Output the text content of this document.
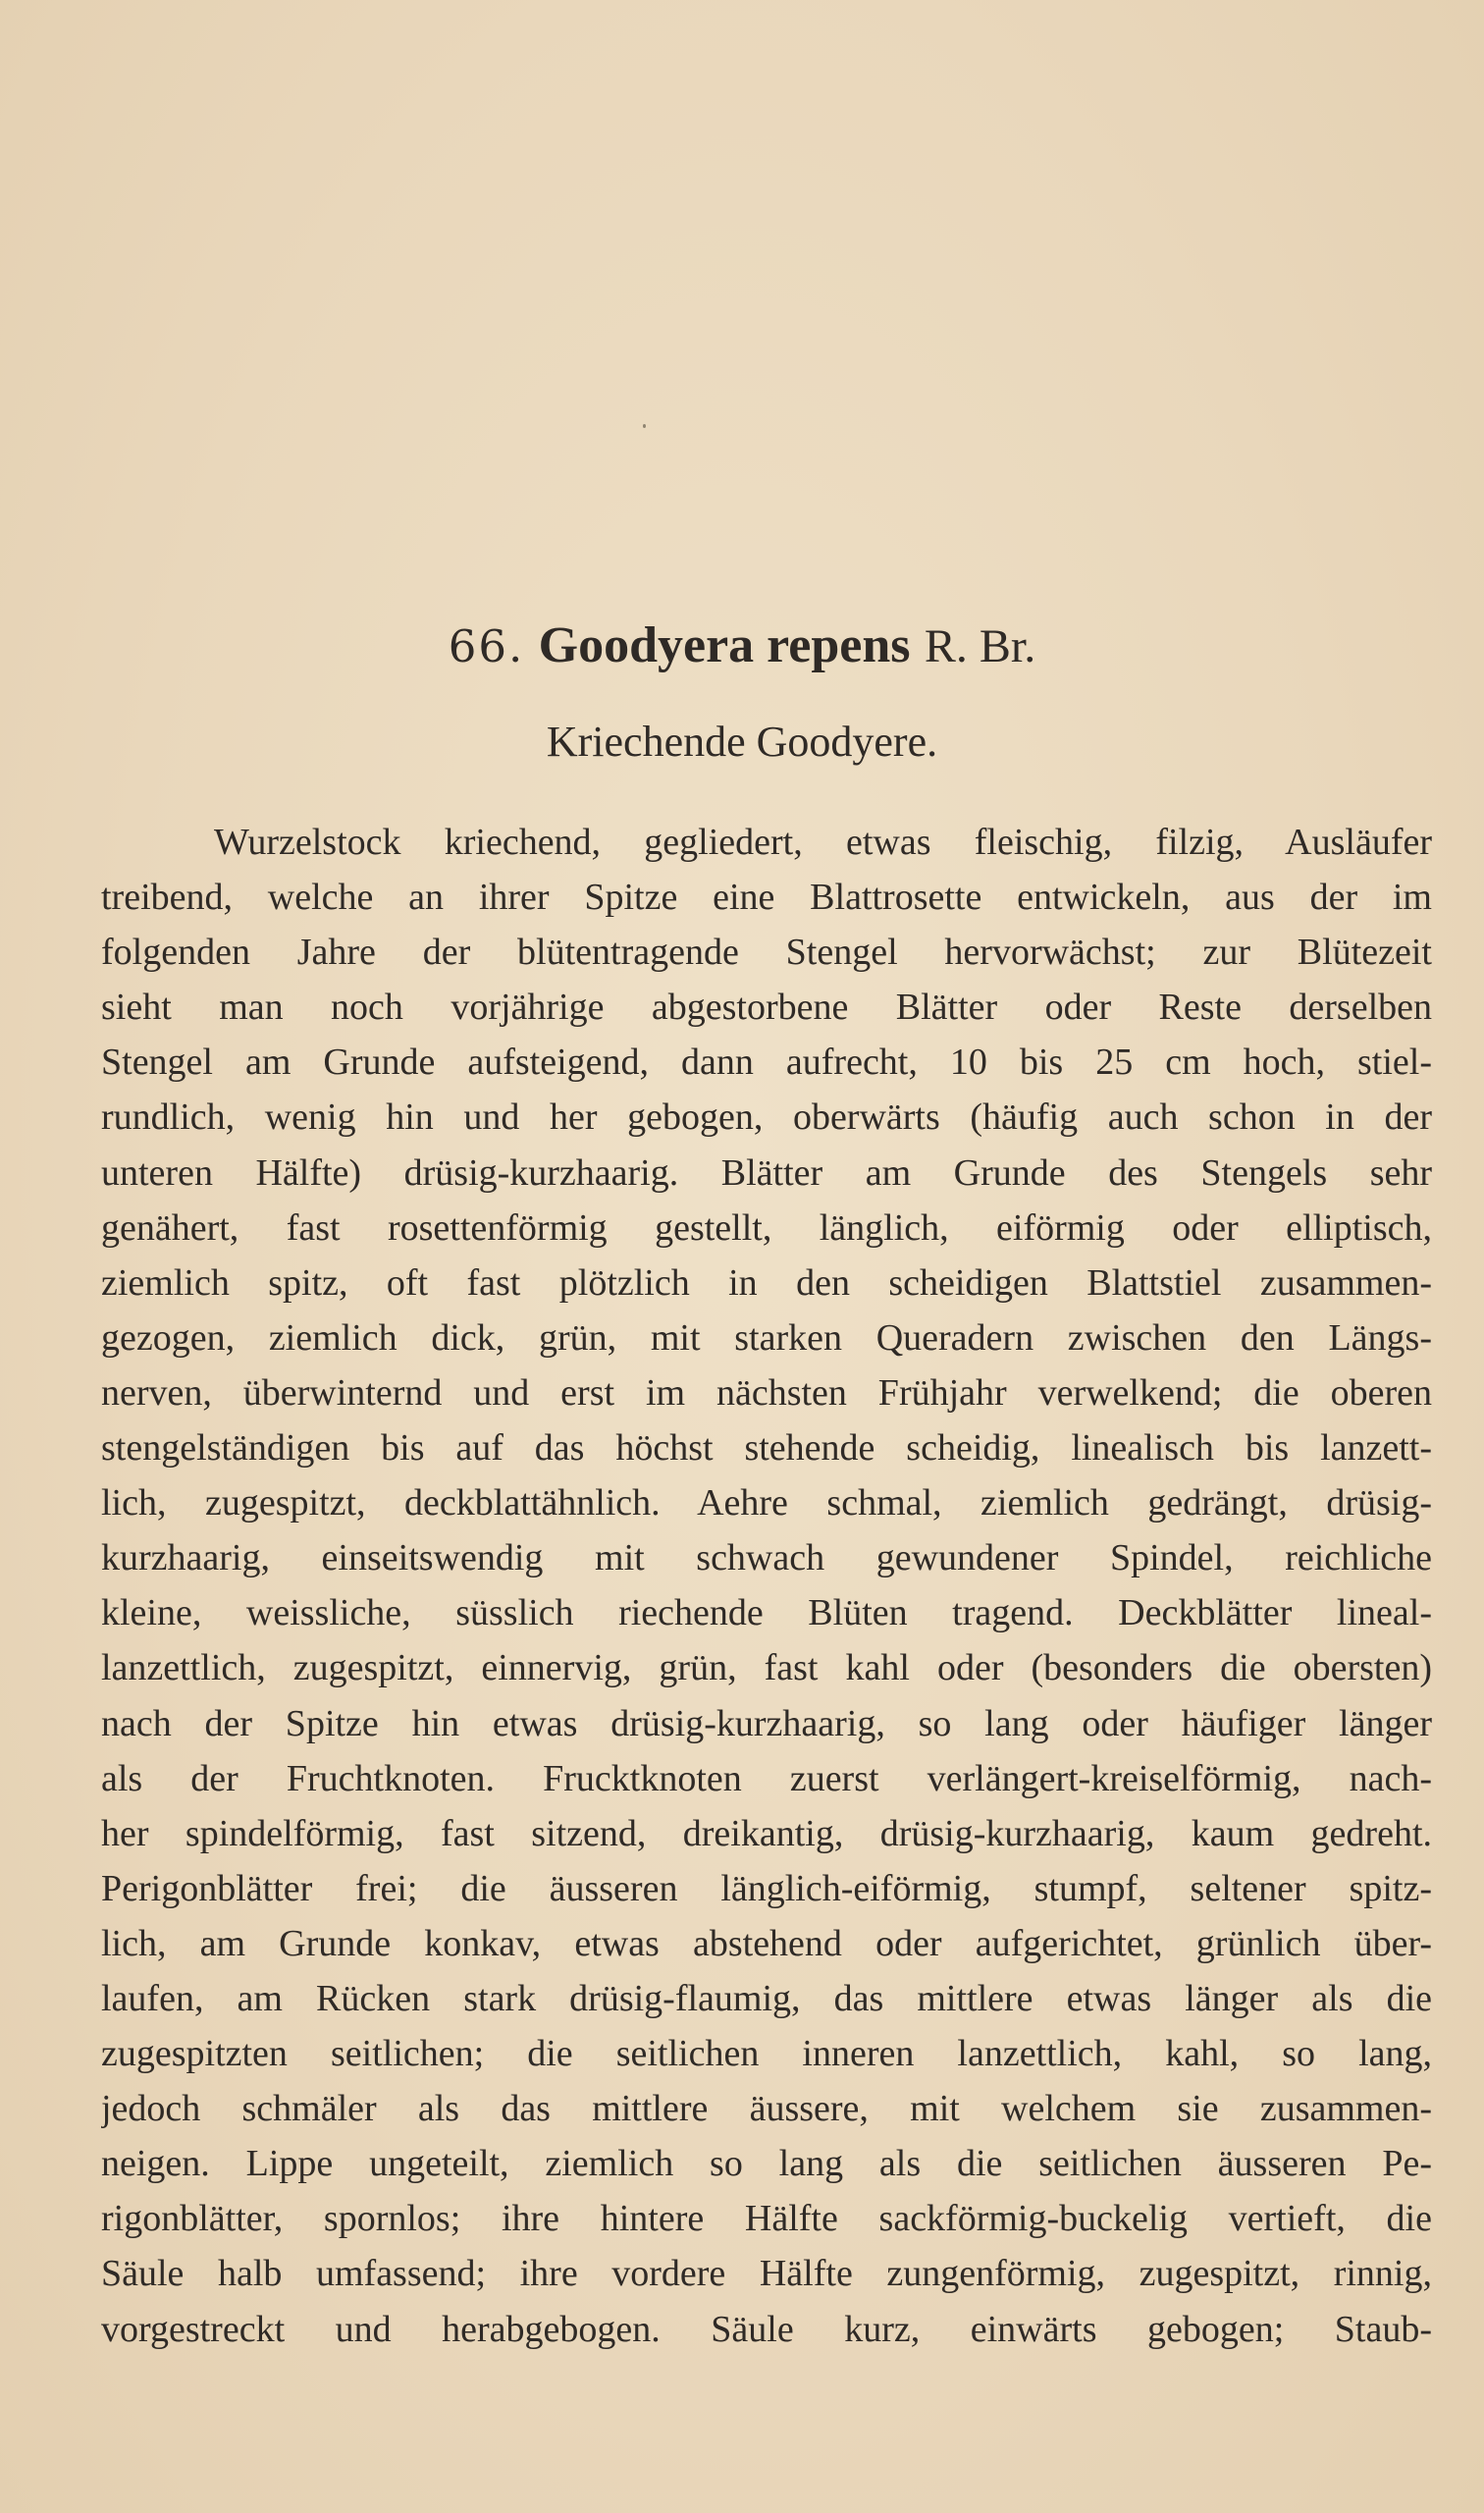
66. Goodyera repens R. Br.
Kriechende Goodyere.
Wurzelstock kriechend, gegliedert, etwas fleischig, filzig, Ausläufer
treibend, welche an ihrer Spitze eine Blattrosette entwickeln, aus der im
folgenden Jahre der blütentragende Stengel hervorwächst; zur Blütezeit
sieht man noch vorjährige abgestorbene Blätter oder Reste derselben
Stengel am Grunde aufsteigend, dann aufrecht, 10 bis 25 cm hoch, stiel-
rundlich, wenig hin und her gebogen, oberwärts (häufig auch schon in der
unteren Hälfte) drüsig-kurzhaarig. Blätter am Grunde des Stengels sehr
genähert, fast rosettenförmig gestellt, länglich, eiförmig oder elliptisch,
ziemlich spitz, oft fast plötzlich in den scheidigen Blattstiel zusammen-
gezogen, ziemlich dick, grün, mit starken Queradern zwischen den Längs-
nerven, überwinternd und erst im nächsten Frühjahr verwelkend; die oberen
stengelständigen bis auf das höchst stehende scheidig, linealisch bis lanzett-
lich, zugespitzt, deckblattähnlich. Aehre schmal, ziemlich gedrängt, drüsig-
kurzhaarig, einseitswendig mit schwach gewundener Spindel, reichliche
kleine, weissliche, süsslich riechende Blüten tragend. Deckblätter lineal-
lanzettlich, zugespitzt, einnervig, grün, fast kahl oder (besonders die obersten)
nach der Spitze hin etwas drüsig-kurzhaarig, so lang oder häufiger länger
als der Fruchtknoten. Frucktknoten zuerst verlängert-kreiselförmig, nach-
her spindelförmig, fast sitzend, dreikantig, drüsig-kurzhaarig, kaum gedreht.
Perigonblätter frei; die äusseren länglich-eiförmig, stumpf, seltener spitz-
lich, am Grunde konkav, etwas abstehend oder aufgerichtet, grünlich über-
laufen, am Rücken stark drüsig-flaumig, das mittlere etwas länger als die
zugespitzten seitlichen; die seitlichen inneren lanzettlich, kahl, so lang,
jedoch schmäler als das mittlere äussere, mit welchem sie zusammen-
neigen. Lippe ungeteilt, ziemlich so lang als die seitlichen äusseren Pe-
rigonblätter, spornlos; ihre hintere Hälfte sackförmig-buckelig vertieft, die
Säule halb umfassend; ihre vordere Hälfte zungenförmig, zugespitzt, rinnig,
vorgestreckt und herabgebogen. Säule kurz, einwärts gebogen; Staub-
